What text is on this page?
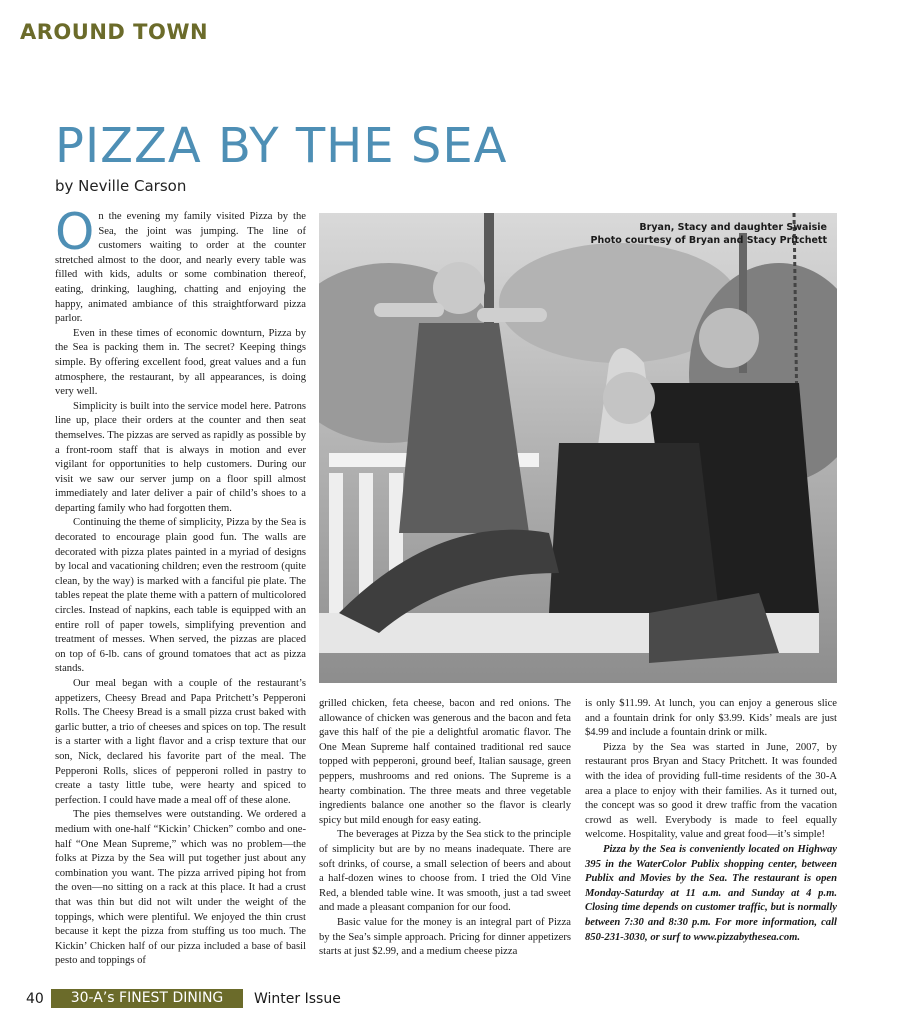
AROUND TOWN
PIZZA BY THE SEA
by Neville Carson

On the evening my family visited Pizza by the Sea, the joint was jumping. The line of customers waiting to order at the counter stretched almost to the door, and nearly every table was filled with kids, adults or some combination thereof, eating, drinking, laughing, chatting and enjoying the happy, animated ambiance of this straightforward pizza parlor.

Even in these times of economic downturn, Pizza by the Sea is packing them in. The secret? Keeping things simple. By offering excellent food, great values and a fun atmosphere, the restaurant, by all appearances, is doing very well.

Simplicity is built into the service model here. Patrons line up, place their orders at the counter and then seat themselves. The pizzas are served as rapidly as possible by a front-room staff that is always in motion and ever vigilant for opportunities to help customers. During our visit we saw our server jump on a floor spill almost immediately and later deliver a pair of child’s shoes to a departing family who had forgotten them.

Continuing the theme of simplicity, Pizza by the Sea is decorated to encourage plain good fun. The walls are decorated with pizza plates painted in a myriad of designs by local and vacationing children; even the restroom (quite clean, by the way) is marked with a fanciful pie plate. The tables repeat the plate theme with a pattern of multicolored circles. Instead of napkins, each table is equipped with an entire roll of paper towels, simplifying prevention and treatment of messes. When served, the pizzas are placed on top of 6-lb. cans of ground tomatoes that act as pizza stands.

Our meal began with a couple of the restaurant’s appetizers, Cheesy Bread and Papa Pritchett’s Pepperoni Rolls. The Cheesy Bread is a small pizza crust baked with garlic butter, a trio of cheeses and spices on top. The result is a starter with a light flavor and a crisp texture that our son, Nick, declared his favorite part of the meal. The Pepperoni Rolls, slices of pepperoni rolled in pastry to create a tasty little tube, were hearty and spiced to perfection. I could have made a meal off of these alone.

The pies themselves were outstanding. We ordered a medium with one-half “Kickin’ Chicken” combo and one-half “One Mean Supreme,” which was no problem—the folks at Pizza by the Sea will put together just about any combination you want. The pizza arrived piping hot from the oven—no sitting on a rack at this place. It had a crust that was thin but did not wilt under the weight of the toppings, which were plentiful. We enjoyed the thin crust because it kept the pizza from stuffing us too much. The Kickin’ Chicken half of our pizza included a base of basil pesto and toppings of

Bryan, Stacy and daughter Swaisie
Photo courtesy of Bryan and Stacy Pritchett

grilled chicken, feta cheese, bacon and red onions. The allowance of chicken was generous and the bacon and feta gave this half of the pie a delightful aromatic flavor. The One Mean Supreme half contained traditional red sauce topped with pepperoni, ground beef, Italian sausage, green peppers, mushrooms and red onions. The Supreme is a hearty combination. The three meats and three vegetable ingredients balance one another so the flavor is clearly spicy but mild enough for easy eating.

The beverages at Pizza by the Sea stick to the principle of simplicity but are by no means inadequate. There are soft drinks, of course, a small selection of beers and about a half-dozen wines to choose from. I tried the Old Vine Red, a blended table wine. It was smooth, just a tad sweet and made a pleasant companion for our food.

Basic value for the money is an integral part of Pizza by the Sea’s simple approach. Pricing for dinner appetizers starts at just $2.99, and a medium cheese pizza

is only $11.99. At lunch, you can enjoy a generous slice and a fountain drink for only $3.99. Kids’ meals are just $4.99 and include a fountain drink or milk.

Pizza by the Sea was started in June, 2007, by restaurant pros Bryan and Stacy Pritchett. It was founded with the idea of providing full-time residents of the 30-A area a place to enjoy with their families. As it turned out, the concept was so good it drew traffic from the vacation crowd as well. Everybody is made to feel equally welcome. Hospitality, value and great food—it’s simple!

Pizza by the Sea is conveniently located on Highway 395 in the WaterColor Publix shopping center, between Publix and Movies by the Sea. The restaurant is open Monday-Saturday at 11 a.m. and Sunday at 4 p.m. Closing time depends on customer traffic, but is normally between 7:30 and 8:30 p.m. For more information, call 850-231-3030, or surf to www.pizzabythesea.com.

40	30-A’s FINEST DINING	Winter Issue
